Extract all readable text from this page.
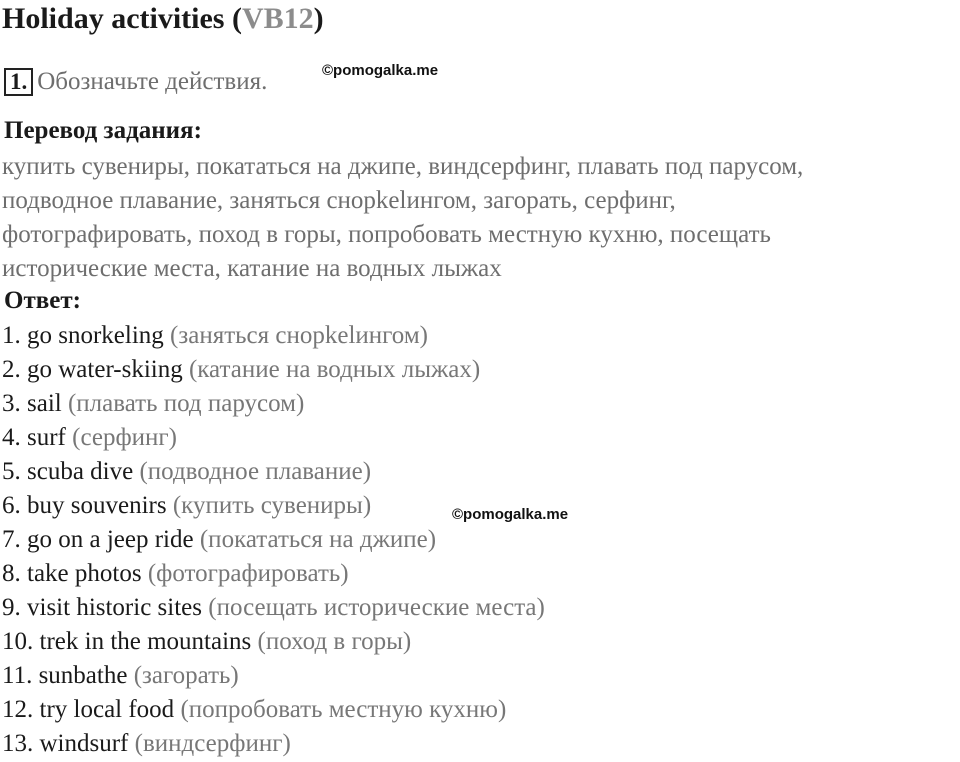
Holiday activities (VB12)
1. Обозначьте действия.	©pomogalka.me
Перевод задания:
купить сувениры, покататься на джипе, виндсерфинг, плавать под парусом,
подводное плавание, заняться снорkelингом, загорать, серфинг,
фотографировать, поход в горы, попробовать местную кухню, посещать
исторические места, катание на водных лыжах
Ответ:
1. go snorkeling (заняться снорkelингом)
2. go water-skiing (катание на водных лыжах)
3. sail (плавать под парусом)
4. surf (серфинг)
5. scuba dive (подводное плавание)
6. buy souvenirs (купить сувениры)
7. go on a jeep ride (покататься на джипе)
8. take photos (фотографировать)
9. visit historic sites (посещать исторические места)
10. trek in the mountains (поход в горы)
11. sunbathe (загорать)
12. try local food (попробовать местную кухню)
13. windsurf (виндсерфинг)
©pomogalka.me
